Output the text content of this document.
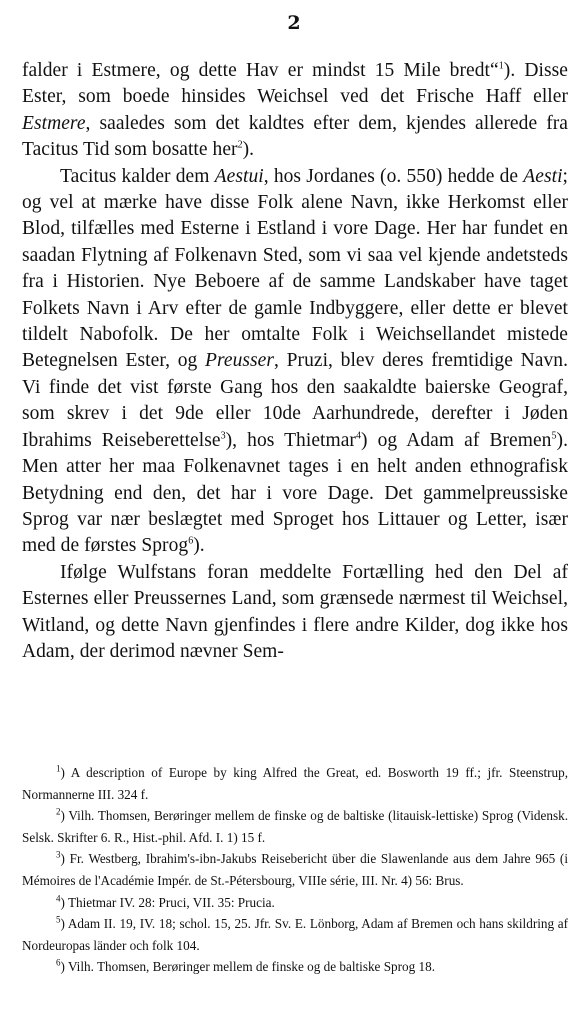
2

falder i Estmere, og dette Hav er mindst 15 Mile bredt“$^1$). Disse Ester, som boede hinsides Weichsel ved det Frische Haff eller Estmere, saaledes som det kaldtes efter dem, kjendes allerede fra Tacitus Tid som bosatte her$^2$).

Tacitus kalder dem Aestui, hos Jordanes (o. 550) hedde de Aesti; og vel at mærke have disse Folk alene Navn, ikke Herkomst eller Blod, tilfælles med Esterne i Estland i vore Dage. Her har fundet en saadan Flytning af Folkenavn Sted, som vi saa vel kjende andetsteds fra i Historien. Nye Beboere af de samme Landskaber have taget Folkets Navn i Arv efter de gamle Indbyggere, eller dette er blevet tildelt Nabofolk. De her omtalte Folk i Weichsellandet mistede Betegnelsen Ester, og Preusser, Pruzi, blev deres fremtidige Navn. Vi finde det vist første Gang hos den saakaldte baierske Geograf, som skrev i det 9de eller 10de Aarhundrede, derefter i Jøden Ibrahims Reiseberettelse$^3$), hos Thietmar$^4$) og Adam af Bremen$^5$). Men atter her maa Folkenavnet tages i en helt anden ethnografisk Betydning end den, det har i vore Dage. Det gammelpreussiske Sprog var nær beslægtet med Sproget hos Littauer og Letter, især med de førstes Sprog$^6$).

Ifølge Wulfstans foran meddelte Fortælling hed den Del af Esternes eller Preussernes Land, som grænsede nærmest til Weichsel, Witland, og dette Navn gjenfindes i flere andre Kilder, dog ikke hos Adam, der derimod nævner Sem-

$^1$) A description of Europe by king Alfred the Great, ed. Bosworth 19 ff.; jfr. Steenstrup, Normannerne III. 324 f.

$^2$) Vilh. Thomsen, Berøringer mellem de finske og de baltiske (litauisk-lettiske) Sprog (Vidensk. Selsk. Skrifter 6. R., Hist.-phil. Afd. I. 1) 15 f.

$^3$) Fr. Westberg, Ibrahim's-ibn-Jakubs Reisebericht über die Slawenlande aus dem Jahre 965 (i Mémoires de l'Académie Impér. de St.-Pétersbourg, VIIIe série, III. Nr. 4) 56: Brus.

$^4$) Thietmar IV. 28: Pruci, VII. 35: Prucia.

$^5$) Adam II. 19, IV. 18; schol. 15, 25. Jfr. Sv. E. Lönborg, Adam af Bremen och hans skildring af Nordeuropas länder och folk 104.

$^6$) Vilh. Thomsen, Berøringer mellem de finske og de baltiske Sprog 18.
